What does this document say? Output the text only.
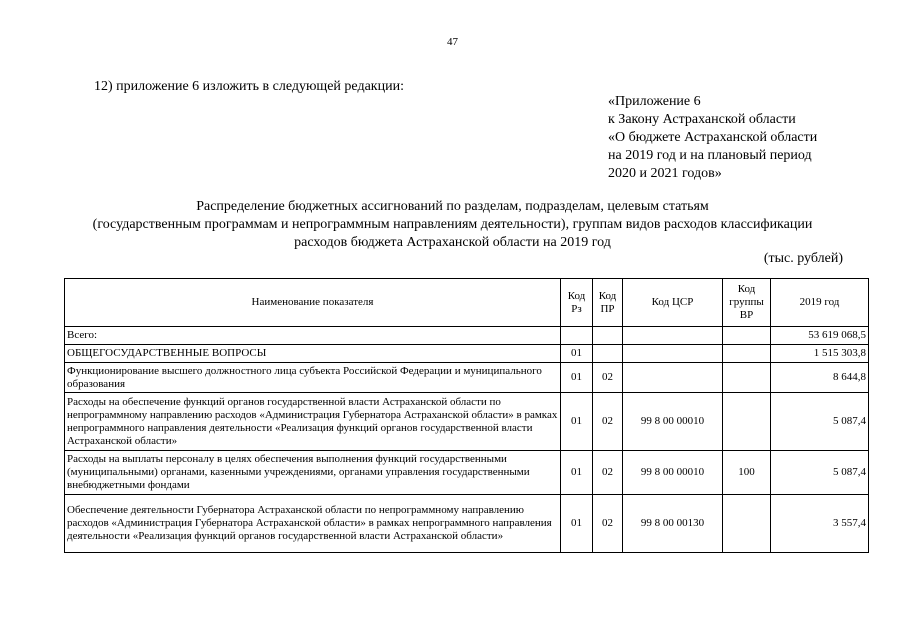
47
12) приложение 6 изложить в следующей редакции:
«Приложение 6
к Закону Астраханской области
«О бюджете Астраханской области
на 2019 год и на плановый период
2020 и 2021 годов»
Распределение бюджетных ассигнований по разделам, подразделам, целевым статьям
(государственным программам и непрограммным направлениям деятельности), группам видов расходов классификации
расходов бюджета Астраханской области на 2019 год
(тыс. рублей)
Наименование показателя	Код Рз	Код ПР	Код ЦСР	Код группы ВР	2019 год
Всего:					53 619 068,5
ОБЩЕГОСУДАРСТВЕННЫЕ ВОПРОСЫ	01				1 515 303,8
Функционирование высшего должностного лица субъекта Российской Федерации и муниципального образования	01	02			8 644,8
Расходы на обеспечение функций органов государственной власти Астраханской области по непрограммному направлению расходов «Администрация Губернатора Астраханской области» в рамках непрограммного направления деятельности «Реализация функций органов государственной власти Астраханской области»	01	02	99 8 00 00010		5 087,4
Расходы на выплаты персоналу в целях обеспечения выполнения функций государственными (муниципальными) органами, казенными учреждениями, органами управления государственными внебюджетными фондами	01	02	99 8 00 00010	100	5 087,4
Обеспечение деятельности Губернатора Астраханской области по непрограммному направлению расходов «Администрация Губернатора Астраханской области» в рамках непрограммного направления деятельности «Реализация функций органов государственной власти Астраханской области»	01	02	99 8 00 00130		3 557,4
